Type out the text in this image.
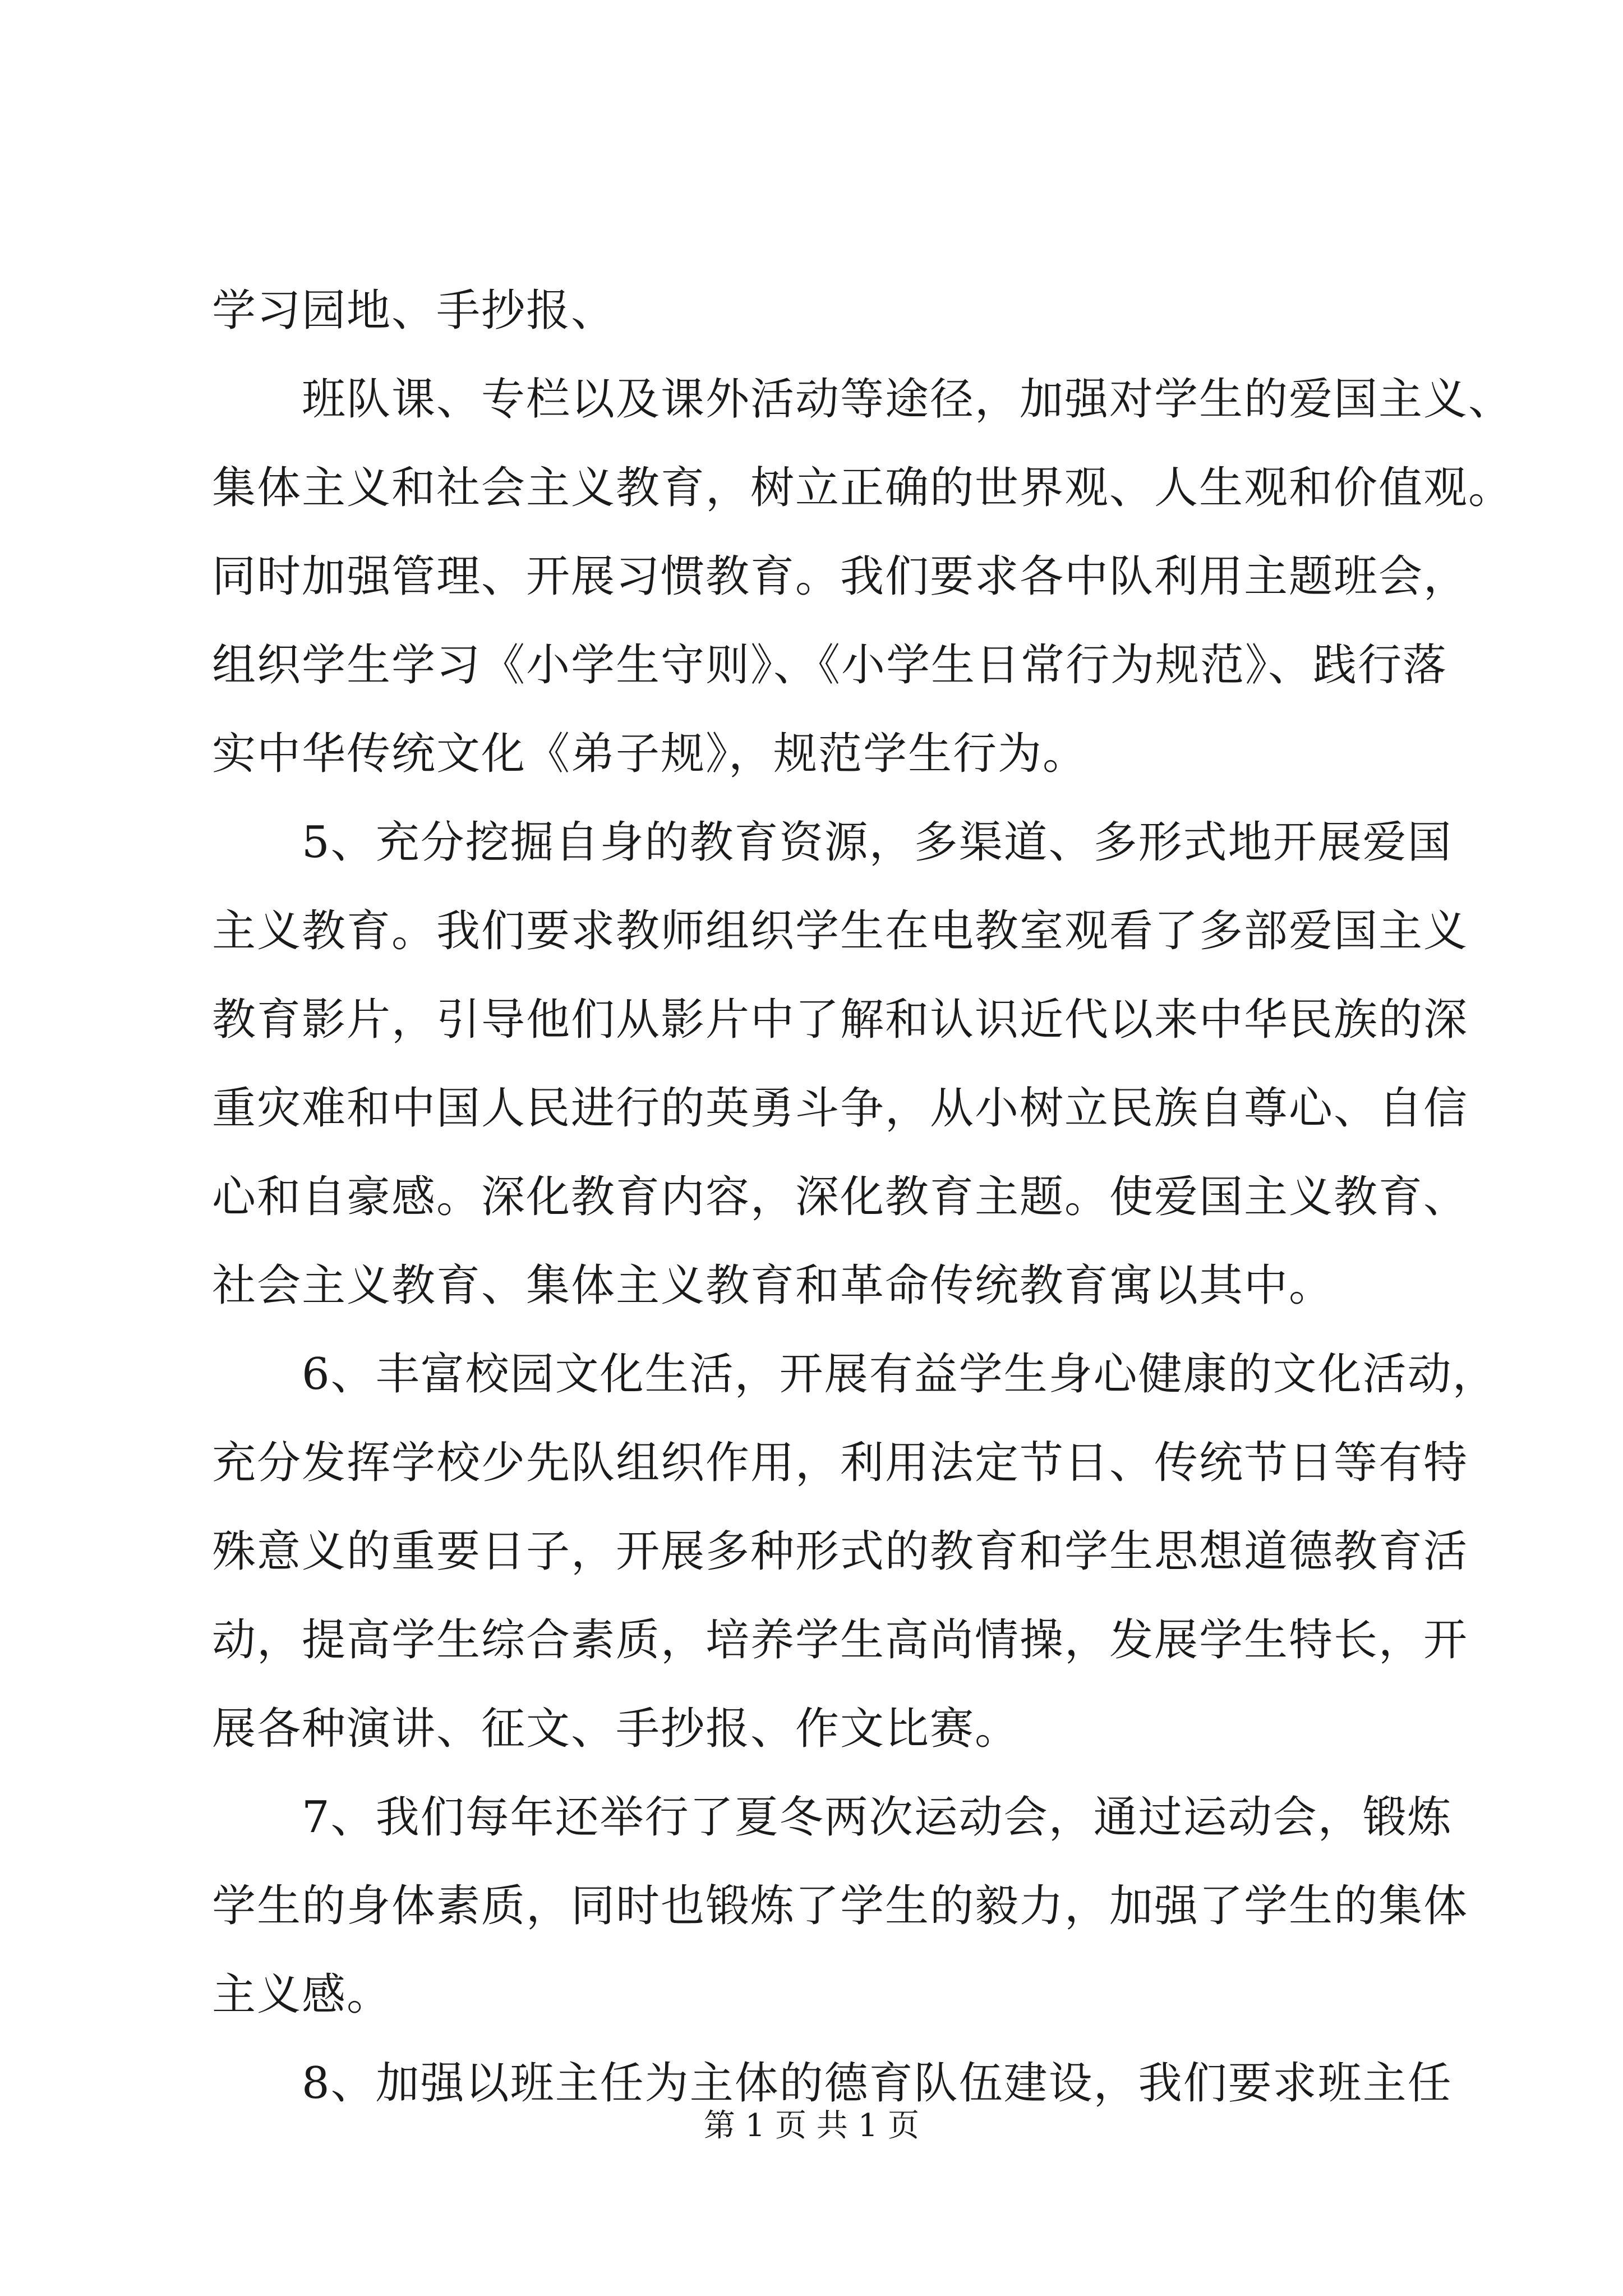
学习园地、手抄报、
班队课、专栏以及课外活动等途径，加强对学生的爱国主义、
集体主义和社会主义教育，树立正确的世界观、人生观和价值观。
同时加强管理、开展习惯教育。我们要求各中队利用主题班会，
组织学生学习《小学生守则》、《小学生日常行为规范》、践行落
实中华传统文化《弟子规》，规范学生行为。
5、充分挖掘自身的教育资源，多渠道、多形式地开展爱国
主义教育。我们要求教师组织学生在电教室观看了多部爱国主义
教育影片，引导他们从影片中了解和认识近代以来中华民族的深
重灾难和中国人民进行的英勇斗争，从小树立民族自尊心、自信
心和自豪感。深化教育内容，深化教育主题。使爱国主义教育、
社会主义教育、集体主义教育和革命传统教育寓以其中。
6、丰富校园文化生活，开展有益学生身心健康的文化活动，
充分发挥学校少先队组织作用，利用法定节日、传统节日等有特
殊意义的重要日子，开展多种形式的教育和学生思想道德教育活
动，提高学生综合素质，培养学生高尚情操，发展学生特长，开
展各种演讲、征文、手抄报、作文比赛。
7、我们每年还举行了夏冬两次运动会，通过运动会，锻炼
学生的身体素质，同时也锻炼了学生的毅力，加强了学生的集体
主义感。
8、加强以班主任为主体的德育队伍建设，我们要求班主任
第 1 页 共 1 页
